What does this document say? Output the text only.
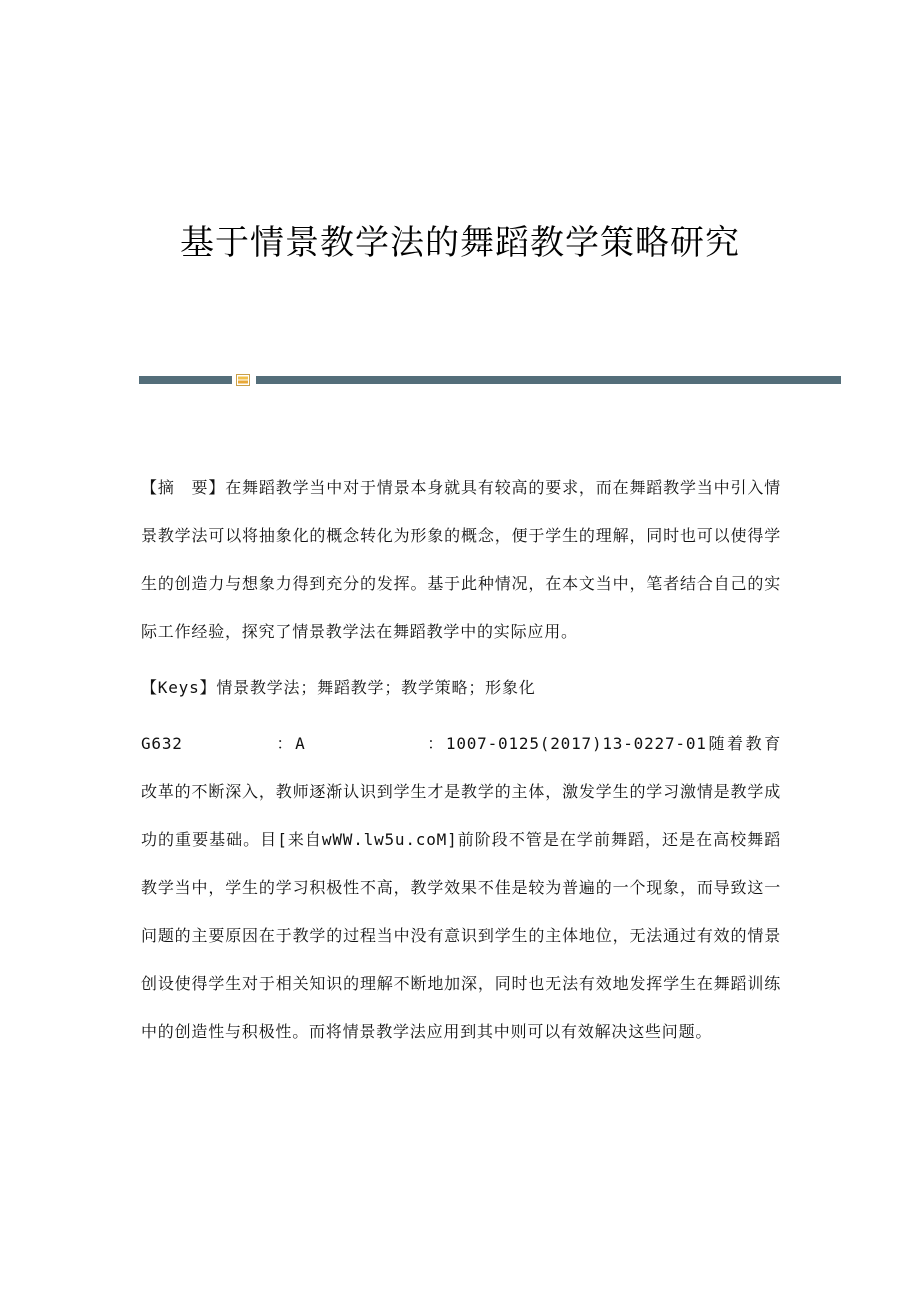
基于情景教学法的舞蹈教学策略研究

【摘　要】在舞蹈教学当中对于情景本身就具有较高的要求，而在舞蹈教学当中引入情景教学法可以将抽象化的概念转化为形象的概念，便于学生的理解，同时也可以使得学生的创造力与想象力得到充分的发挥。基于此种情况，在本文当中，笔者结合自己的实际工作经验，探究了情景教学法在舞蹈教学中的实际应用。

【Keys】情景教学法；舞蹈教学；教学策略；形象化

G632	：A	：1007-0125(2017)13-0227-01随着教育改革的不断深入，教师逐渐认识到学生才是教学的主体，激发学生的学习激情是教学成功的重要基础。目[来自wWW.lw5u.coM]前阶段不管是在学前舞蹈，还是在高校舞蹈教学当中，学生的学习积极性不高，教学效果不佳是较为普遍的一个现象，而导致这一问题的主要原因在于教学的过程当中没有意识到学生的主体地位，无法通过有效的情景创设使得学生对于相关知识的理解不断地加深，同时也无法有效地发挥学生在舞蹈训练中的创造性与积极性。而将情景教学法应用到其中则可以有效解决这些问题。
